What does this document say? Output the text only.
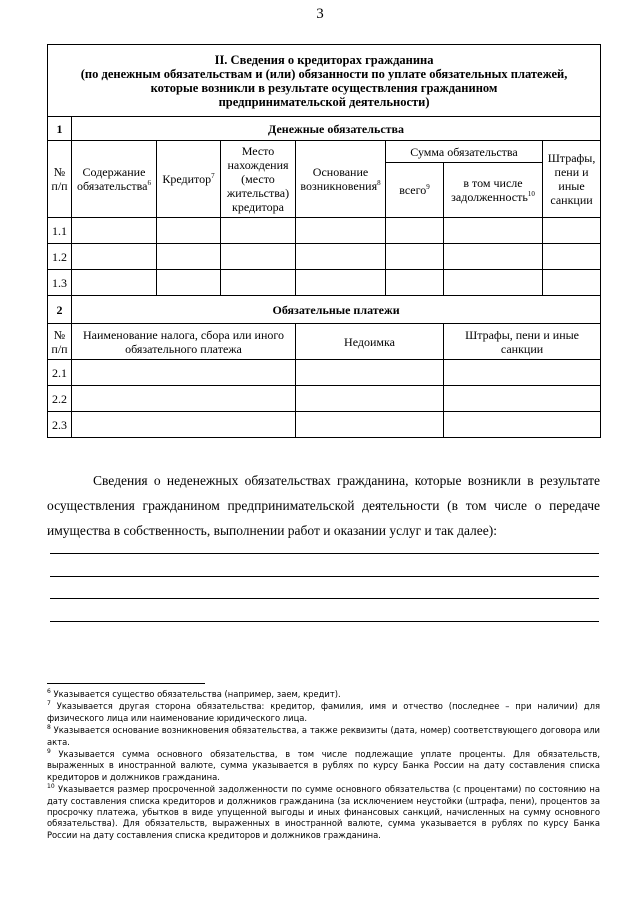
3
II. Сведения о кредиторах гражданина
(по денежным обязательствам и (или) обязанности по уплате обязательных платежей,
которые возникли в результате осуществления гражданином
предпринимательской деятельности)							

1	Денежные обязательства						
№ п/п	Содержание обязательства$^6$	Кредитор$^7$	Место нахождения (место жительства) кредитора	Основание возникновения$^8$	Сумма обязательства		Штрафы, пени и иные санкции
					всего$^9$	в том числе задолженность$^{10}$
1.1							
1.2							
1.3							
2	Обязательные платежи						
№ п/п	Наименование налога, сбора или иного обязательного платежа			Недоимка		Штрафы, пени и иные санкции	
2.1							
2.2							
2.3							

Сведения о неденежных обязательствах гражданина, которые возникли в результате осуществления гражданином предпринимательской деятельности (в том числе о передаче имущества в собственность, выполнении работ и оказании услуг и так далее):

$^6$ Указывается существо обязательства (например, заем, кредит).

$^7$ Указывается другая сторона обязательства: кредитор, фамилия, имя и отчество (последнее – при наличии) для физического лица или наименование юридического лица.

$^8$ Указывается основание возникновения обязательства, а также реквизиты (дата, номер) соответствующего договора или акта.

$^9$ Указывается сумма основного обязательства, в том числе подлежащие уплате проценты. Для обязательств, выраженных в иностранной валюте, сумма указывается в рублях по курсу Банка России на дату составления списка кредиторов и должников гражданина.

$^{10}$ Указывается размер просроченной задолженности по сумме основного обязательства (с процентами) по состоянию на дату составления списка кредиторов и должников гражданина (за исключением неустойки (штрафа, пени), процентов за просрочку платежа, убытков в виде упущенной выгоды и иных финансовых санкций, начисленных на сумму основного обязательства). Для обязательств, выраженных в иностранной валюте, сумма указывается в рублях по курсу Банка России на дату составления списка кредиторов и должников гражданина.
